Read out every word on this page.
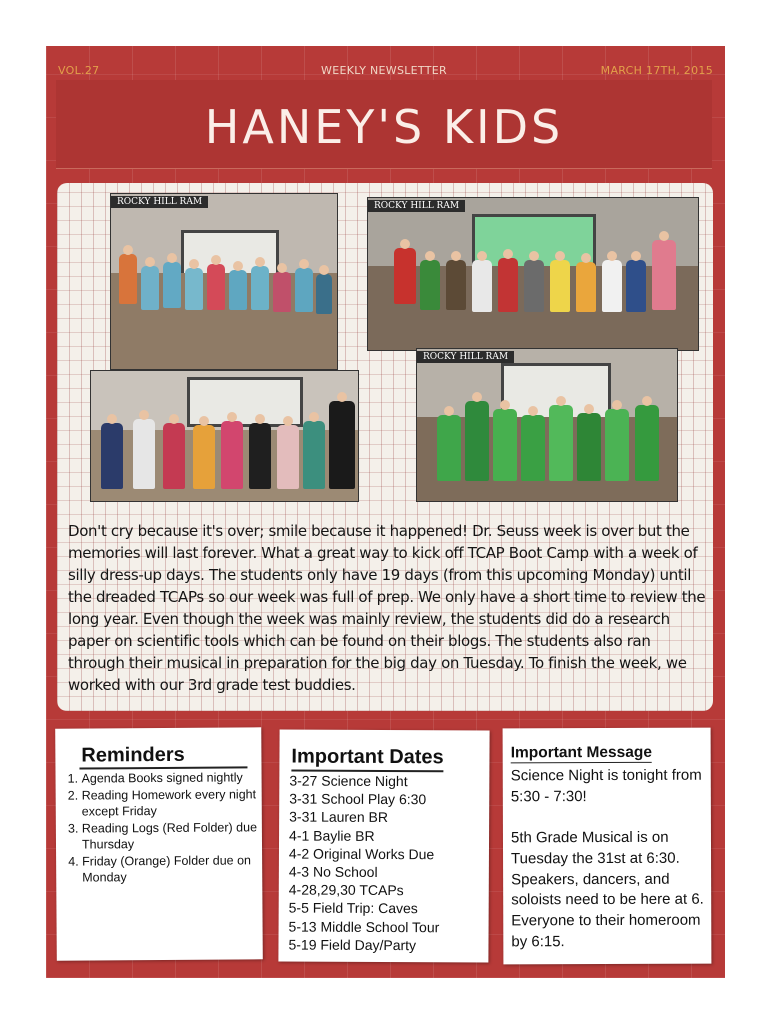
VOL.27	WEEKLY NEWSLETTER	MARCH 17TH, 2015
HANEY'S KIDS
ROCKY HILL RAM	ROCKY HILL RAM
ROCKY HILL RAM
Don't cry because it's over; smile because it happened! Dr. Seuss week is over but the memories will last forever. What a great way to kick off TCAP Boot Camp with a week of silly dress-up days. The students only have 19 days (from this upcoming Monday) until the dreaded TCAPs so our week was full of prep. We only have a short time to review the long year. Even though the week was mainly review, the students did do a research paper on scientific tools which can be found on their blogs. The students also ran through their musical in preparation for the big day on Tuesday. To finish the week, we worked with our 3rd grade test buddies.
Reminders
1. Agenda Books signed nightly
2. Reading Homework every night except Friday
3. Reading Logs (Red Folder) due Thursday
4. Friday (Orange) Folder due on Monday
Important Dates
3-27 Science Night
3-31 School Play 6:30
3-31 Lauren BR
4-1 Baylie BR
4-2 Original Works Due
4-3 No School
4-28,29,30 TCAPs
5-5 Field Trip: Caves
5-13 Middle School Tour
5-19 Field Day/Party
Important Message

Science Night is tonight from 5:30 - 7:30!

5th Grade Musical is on Tuesday the 31st at 6:30. Speakers, dancers, and soloists need to be here at 6. Everyone to their homeroom by 6:15.
